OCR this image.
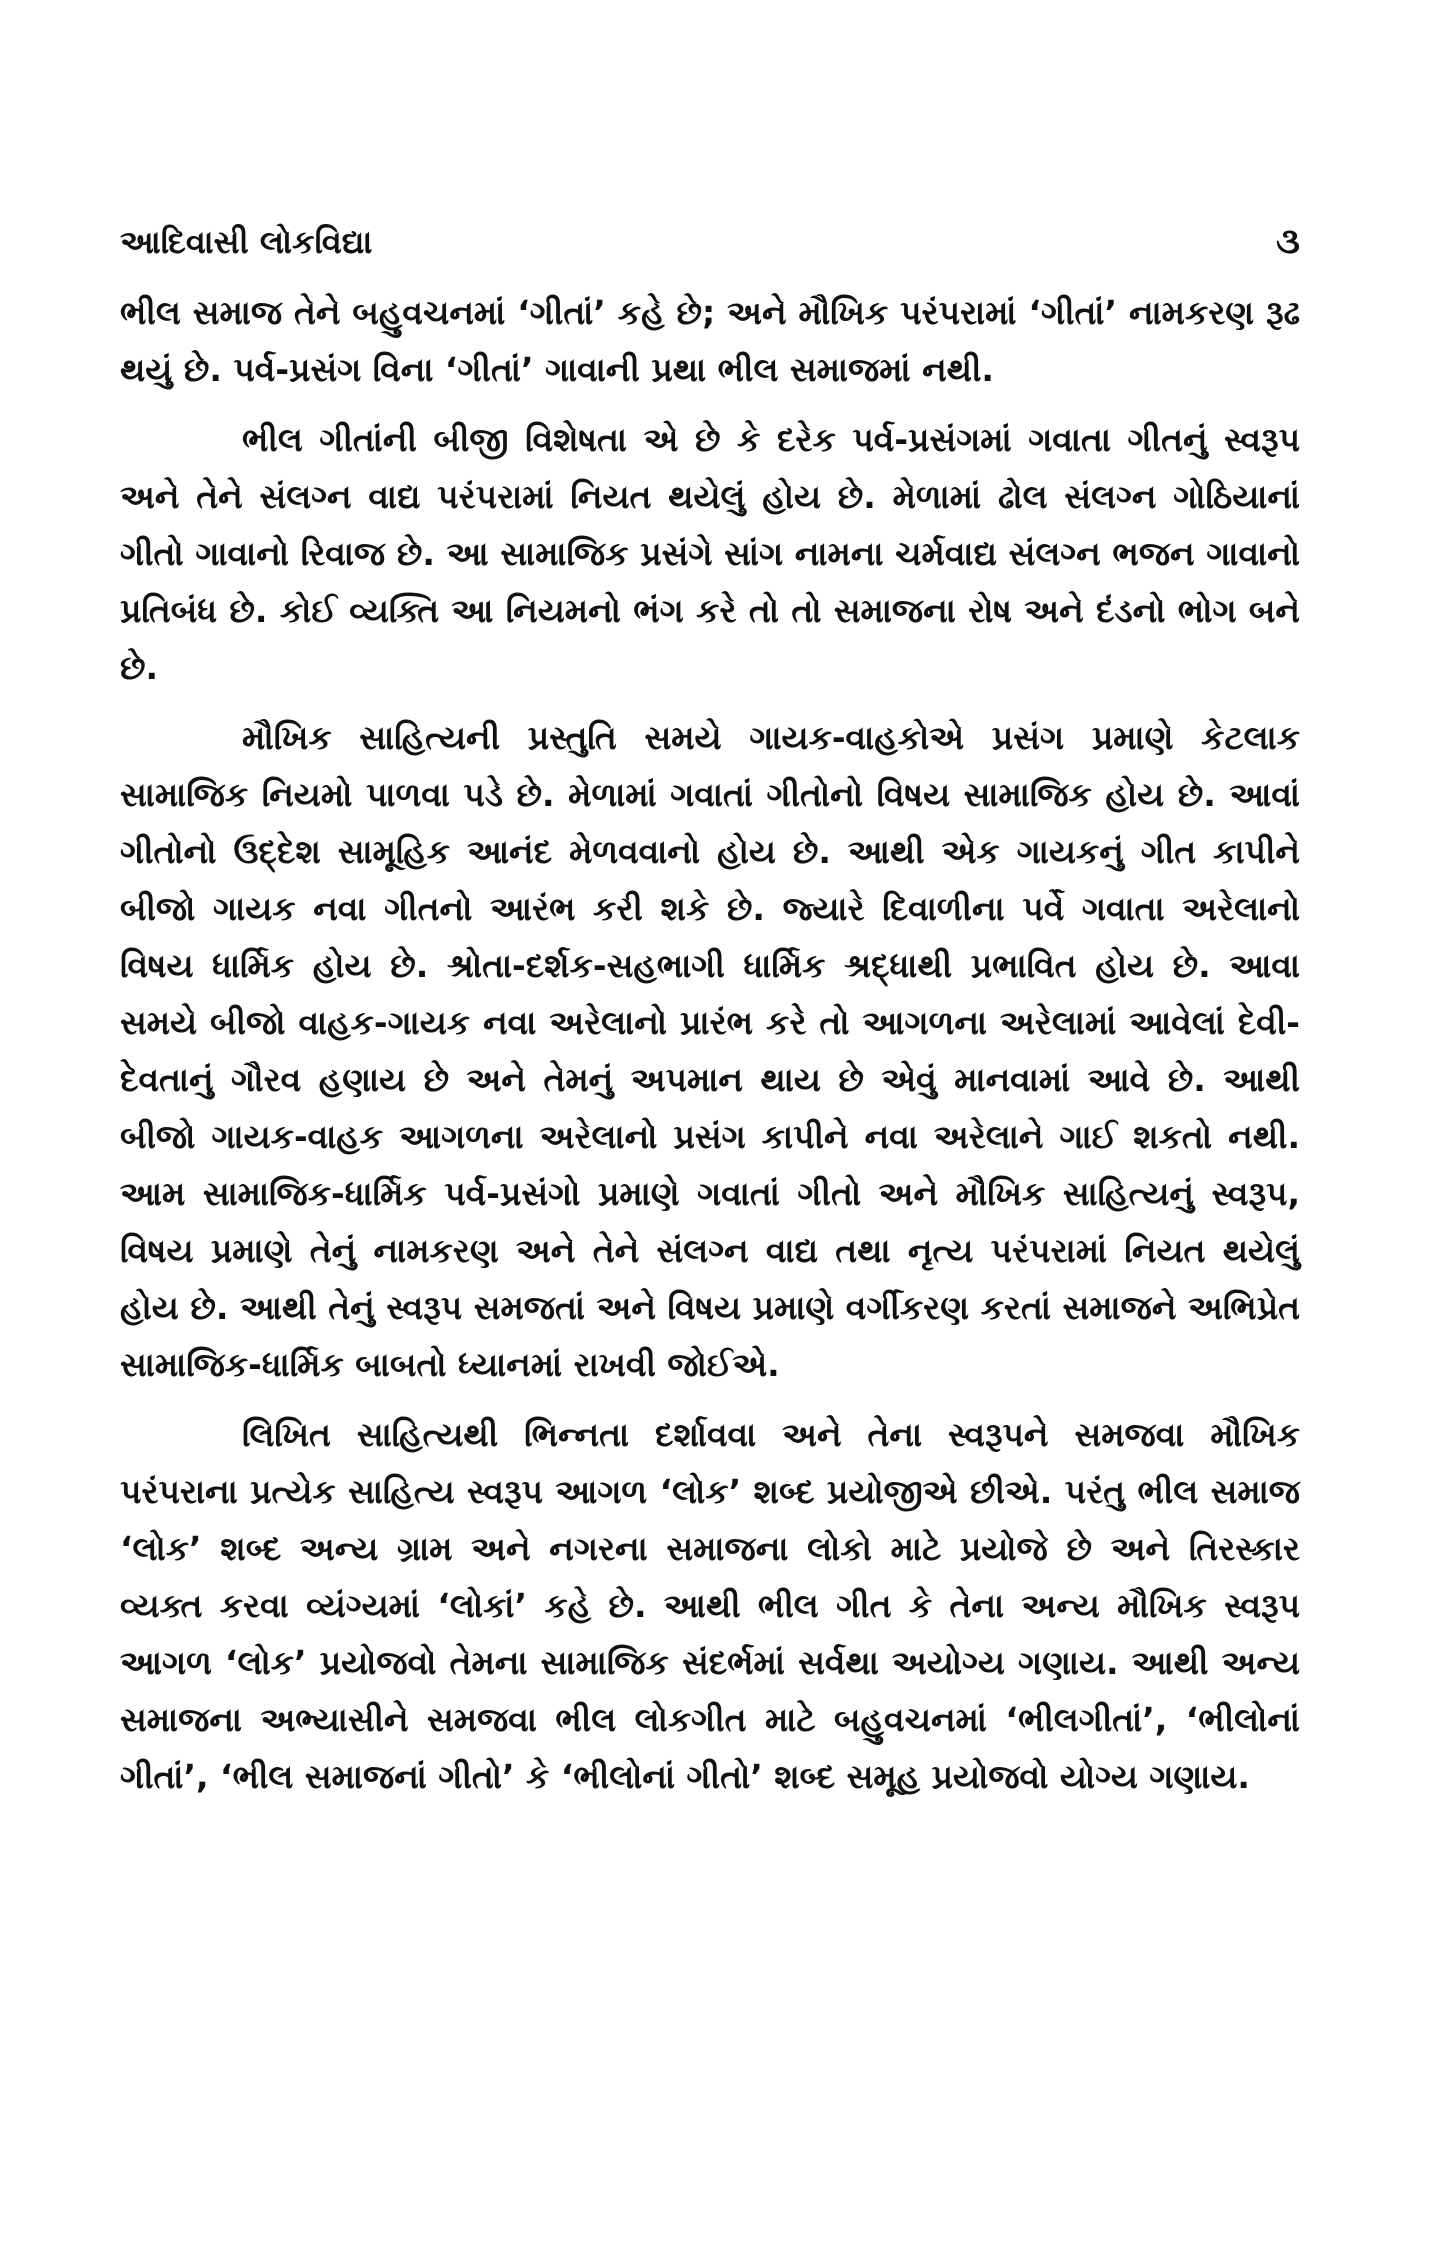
આદિવાસી લોકવિદ્યા	૩

ભીલ સમાજ તેને બહુવચનમાં ‘ગીતાં’ કહે છે; અને મૌખિક પરંપરામાં ‘ગીતાં’ નામકરણ રૂઢ થયું છે. પર્વ-પ્રસંગ વિના ‘ગીતાં’ ગાવાની પ્રથા ભીલ સમાજમાં નથી.

ભીલ ગીતાંની બીજી વિશેષતા એ છે કે દરેક પર્વ-પ્રસંગમાં ગવાતા ગીતનું સ્વરૂપ અને તેને સંલગ્ન વાદ્ય પરંપરામાં નિયત થયેલું હોય છે. મેળામાં ઢોલ સંલગ્ન ગોઠિયાનાં ગીતો ગાવાનો રિવાજ છે. આ સામાજિક પ્રસંગે સાંગ નામના ચર્મવાદ્ય સંલગ્ન ભજન ગાવાનો પ્રતિબંધ છે. કોઈ વ્યક્તિ આ નિયમનો ભંગ કરે તો તો સમાજના રોષ અને દંડનો ભોગ બને છે.

મૌખિક સાહિત્યની પ્રસ્તુતિ સમયે ગાયક-વાહકોએ પ્રસંગ પ્રમાણે કેટલાક સામાજિક નિયમો પાળવા પડે છે. મેળામાં ગવાતાં ગીતોનો વિષય સામાજિક હોય છે. આવાં ગીતોનો ઉદ્દેશ સામૂહિક આનંદ મેળવવાનો હોય છે. આથી એક ગાયકનું ગીત કાપીને બીજો ગાયક નવા ગીતનો આરંભ કરી શકે છે. જ્યારે દિવાળીના પર્વે ગવાતા અરેલાનો વિષય ધાર્મિક હોય છે. શ્રોતા-દર્શક-સહભાગી ધાર્મિક શ્રદ્ધાથી પ્રભાવિત હોય છે. આવા સમયે બીજો વાહક-ગાયક નવા અરેલાનો પ્રારંભ કરે તો આગળના અરેલામાં આવેલાં દેવી-દેવતાનું ગૌરવ હણાય છે અને તેમનું અપમાન થાય છે એવું માનવામાં આવે છે. આથી બીજો ગાયક-વાહક આગળના અરેલાનો પ્રસંગ કાપીને નવા અરેલાને ગાઈ શકતો નથી. આમ સામાજિક-ધાર્મિક પર્વ-પ્રસંગો પ્રમાણે ગવાતાં ગીતો અને મૌખિક સાહિત્યનું સ્વરૂપ, વિષય પ્રમાણે તેનું નામકરણ અને તેને સંલગ્ન વાદ્ય તથા નૃત્ય પરંપરામાં નિયત થયેલું હોય છે. આથી તેનું સ્વરૂપ સમજતાં અને વિષય પ્રમાણે વર્ગીકરણ કરતાં સમાજને અભિપ્રેત સામાજિક-ધાર્મિક બાબતો ધ્યાનમાં રાખવી જોઈએ.

લિખિત સાહિત્યથી ભિન્નતા દર્શાવવા અને તેના સ્વરૂપને સમજવા મૌખિક પરંપરાના પ્રત્યેક સાહિત્ય સ્વરૂપ આગળ ‘લોક’ શબ્દ પ્રયોજીએ છીએ. પરંતુ ભીલ સમાજ ‘લોક’ શબ્દ અન્ય ગ્રામ અને નગરના સમાજના લોકો માટે પ્રયોજે છે અને તિરસ્કાર વ્યક્ત કરવા વ્યંગ્યમાં ‘લોકાં’ કહે છે. આથી ભીલ ગીત કે તેના અન્ય મૌખિક સ્વરૂપ આગળ ‘લોક’ પ્રયોજવો તેમના સામાજિક સંદર્ભમાં સર્વથા અયોગ્ય ગણાય. આથી અન્ય સમાજના અભ્યાસીને સમજવા ભીલ લોકગીત માટે બહુવચનમાં ‘ભીલગીતાં’, ‘ભીલોનાં ગીતાં’, ‘ભીલ સમાજનાં ગીતો’ કે ‘ભીલોનાં ગીતો’ શબ્દ સમૂહ પ્રયોજવો યોગ્ય ગણાય.
